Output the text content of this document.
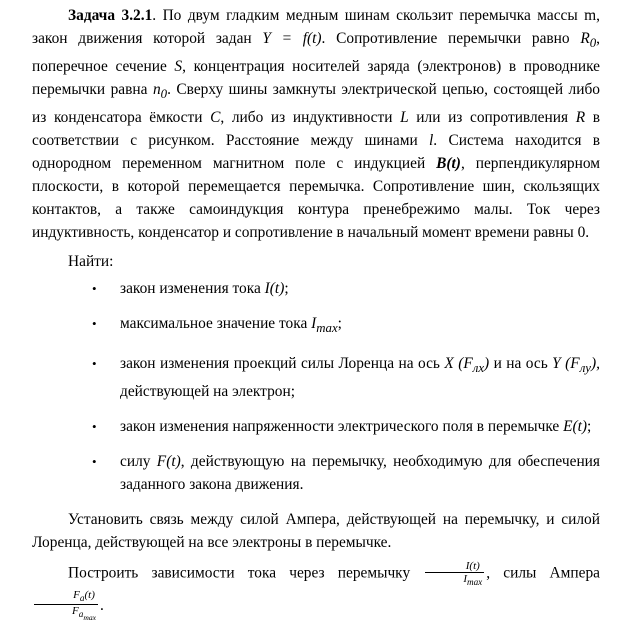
Задача 3.2.1. По двум гладким медным шинам скользит перемычка массы m, закон движения которой задан Y = f(t). Сопротивление перемычки равно $R_0$, поперечное сечение S, концентрация носителей заряда (электронов) в проводнике перемычки равна $n_0$. Сверху шины замкнуты электрической цепью, состоящей либо из конденсатора ёмкости C, либо из индуктивности L или из сопротивления R в соответствии с рисунком. Расстояние между шинами l. Система находится в однородном переменном магнитном поле с индукцией B(t), перпендикулярном плоскости, в которой перемещается перемычка. Сопротивление шин, скользящих контактов, а также самоиндукция контура пренебрежимо малы. Ток через индуктивность, конденсатор и сопротивление в начальный момент времени равны 0.

Найти:
• закон изменения тока I(t);
• максимальное значение тока $I_{max}$;
• закон изменения проекций силы Лоренца на ось X $(F_{лx})$ и на ось Y $(F_{лy})$, действующей на электрон;
• закон изменения напряженности электрического поля в перемычке E(t);
• силу F(t), действующую на перемычку, необходимую для обеспечения заданного закона движения.

Установить связь между силой Ампера, действующей на перемычку, и силой Лоренца, действующей на все электроны в перемычке.

Построить зависимости тока через перемычку $\frac{I(t)}{I_{max}}$ , силы Ампера
$\frac{F_a(t)}{F_{a_{max}}}$ .
